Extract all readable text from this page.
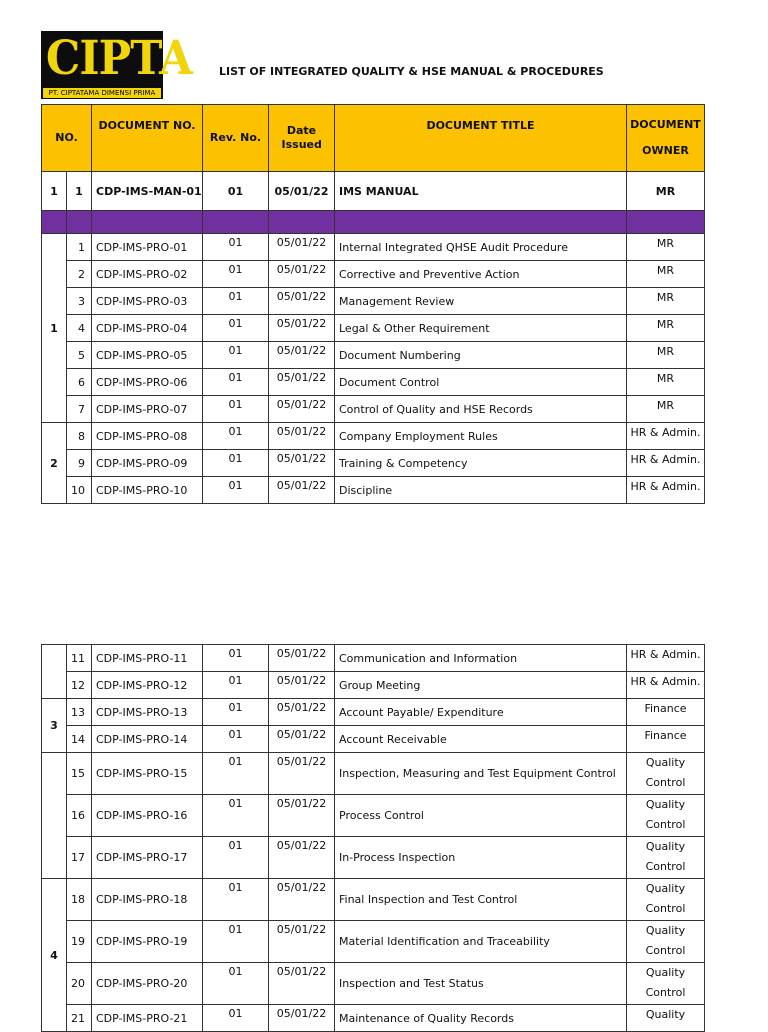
CIPTA
PT. CIPTATAMA DIMENSI PRIMA
LIST OF INTEGRATED QUALITY & HSE MANUAL & PROCEDURES
NO.		DOCUMENT NO.	Rev. No.	Date Issued	DOCUMENT TITLE	DOCUMENT
OWNER
1	1	CDP-IMS-MAN-01	01	05/01/22	IMS MANUAL	MR

1	1	CDP-IMS-PRO-01	01	05/01/22	Internal Integrated QHSE Audit Procedure	MR
	2	CDP-IMS-PRO-02	01	05/01/22	Corrective and Preventive Action	MR
	3	CDP-IMS-PRO-03	01	05/01/22	Management Review	MR
	4	CDP-IMS-PRO-04	01	05/01/22	Legal & Other Requirement	MR
	5	CDP-IMS-PRO-05	01	05/01/22	Document Numbering	MR
	6	CDP-IMS-PRO-06	01	05/01/22	Document Control	MR
	7	CDP-IMS-PRO-07	01	05/01/22	Control of Quality and HSE Records	MR
2	8	CDP-IMS-PRO-08	01	05/01/22	Company Employment Rules	HR & Admin.
	9	CDP-IMS-PRO-09	01	05/01/22	Training & Competency	HR & Admin.
	10	CDP-IMS-PRO-10	01	05/01/22	Discipline	HR & Admin.
	11	CDP-IMS-PRO-11	01	05/01/22	Communication and Information	HR & Admin.
	12	CDP-IMS-PRO-12	01	05/01/22	Group Meeting	HR & Admin.
3	13	CDP-IMS-PRO-13	01	05/01/22	Account Payable/ Expenditure	Finance
	14	CDP-IMS-PRO-14	01	05/01/22	Account Receivable	Finance
	15	CDP-IMS-PRO-15	01	05/01/22	Inspection, Measuring and Test Equipment Control	Quality
Control
	16	CDP-IMS-PRO-16	01	05/01/22	Process Control	Quality
Control
	17	CDP-IMS-PRO-17	01	05/01/22	In-Process Inspection	Quality
Control
4	18	CDP-IMS-PRO-18	01	05/01/22	Final Inspection and Test Control	Quality
Control
	19	CDP-IMS-PRO-19	01	05/01/22	Material Identification and Traceability	Quality
Control
	20	CDP-IMS-PRO-20	01	05/01/22	Inspection and Test Status	Quality
Control
	21	CDP-IMS-PRO-21	01	05/01/22	Maintenance of Quality Records	Quality
